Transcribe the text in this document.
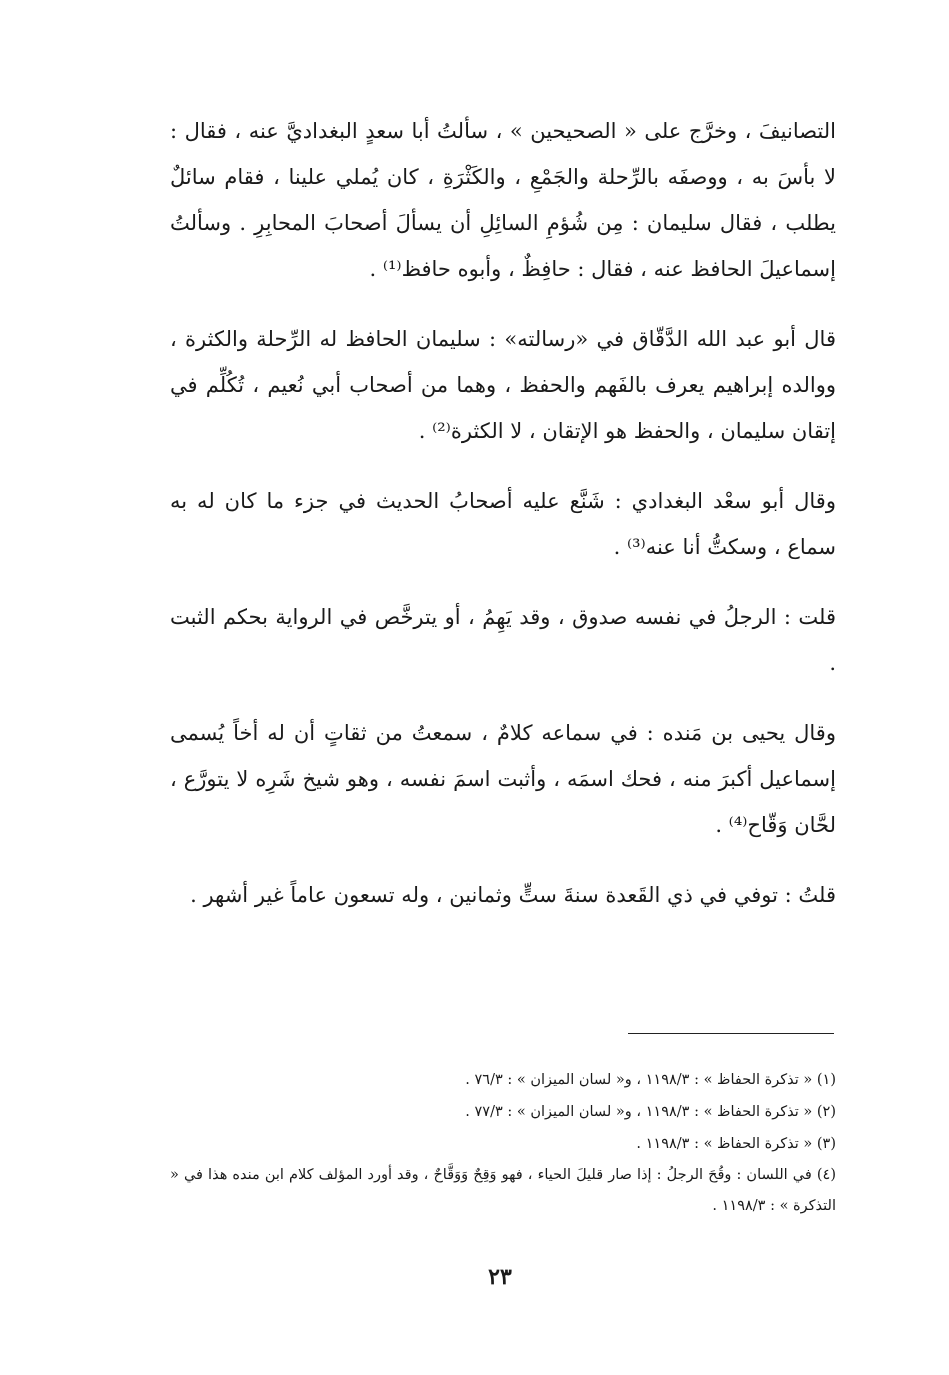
التصانيفَ ، وخرَّج على « الصحيحين » ، سألتُ أبا سعدٍ البغداديَّ عنه ، فقال : لا بأسَ به ، ووصفَه بالرِّحلة والجَمْعِ ، والكَثْرَةِ ، كان يُملي علينا ، فقام سائلٌ يطلب ، فقال سليمان : مِن شُؤمِ السائِلِ أن يسألَ أصحابَ المحابِرِ . وسألتُ إسماعيلَ الحافظ عنه ، فقال : حافِظٌ ، وأبوه حافظ⁽¹⁾ .

قال أبو عبد الله الدَّقّاق في «رسالته» : سليمان الحافظ له الرِّحلة والكثرة ، ووالده إبراهيم يعرف بالفَهم والحفظ ، وهما من أصحاب أبي نُعيم ، تُكُلِّم في إتقان سليمان ، والحفظ هو الإتقان ، لا الكثرة⁽²⁾ .

وقال أبو سعْد البغدادي : شَنَّع عليه أصحابُ الحديث في جزء ما كان له به سماع ، وسكتُّ أنا عنه⁽³⁾ .

قلت : الرجلُ في نفسه صدوق ، وقد يَهِمُ ، أو يترخَّص في الرواية بحكم الثبت .

وقال يحيى بن مَنده : في سماعه كلامٌ ، سمعتُ من ثقاتٍ أن له أخاً يُسمى إسماعيل أكبرَ منه ، فحك اسمَه ، وأثبت اسمَ نفسه ، وهو شيخ شَرِه لا يتورَّع ، لحَّان وَقّاح⁽⁴⁾ .

قلتُ : توفي في ذي القَعدة سنةَ ستٍّ وثمانين ، وله تسعون عاماً غير أشهر .

(١) « تذكرة الحفاظ » : ١١٩٨/٣ ، و« لسان الميزان » : ٧٦/٣ .

(٢) « تذكرة الحفاظ » : ١١٩٨/٣ ، و« لسان الميزان » : ٧٧/٣ .

(٣) « تذكرة الحفاظ » : ١١٩٨/٣ .

(٤) في اللسان : وقُحَ الرجلُ : إذا صار قليلَ الحياء ، فهو وَقِحٌ وَوَقَّاحٌ ، وقد أورد المؤلف كلام ابن منده هذا في « التذكرة » : ١١٩٨/٣ .

٢٣
